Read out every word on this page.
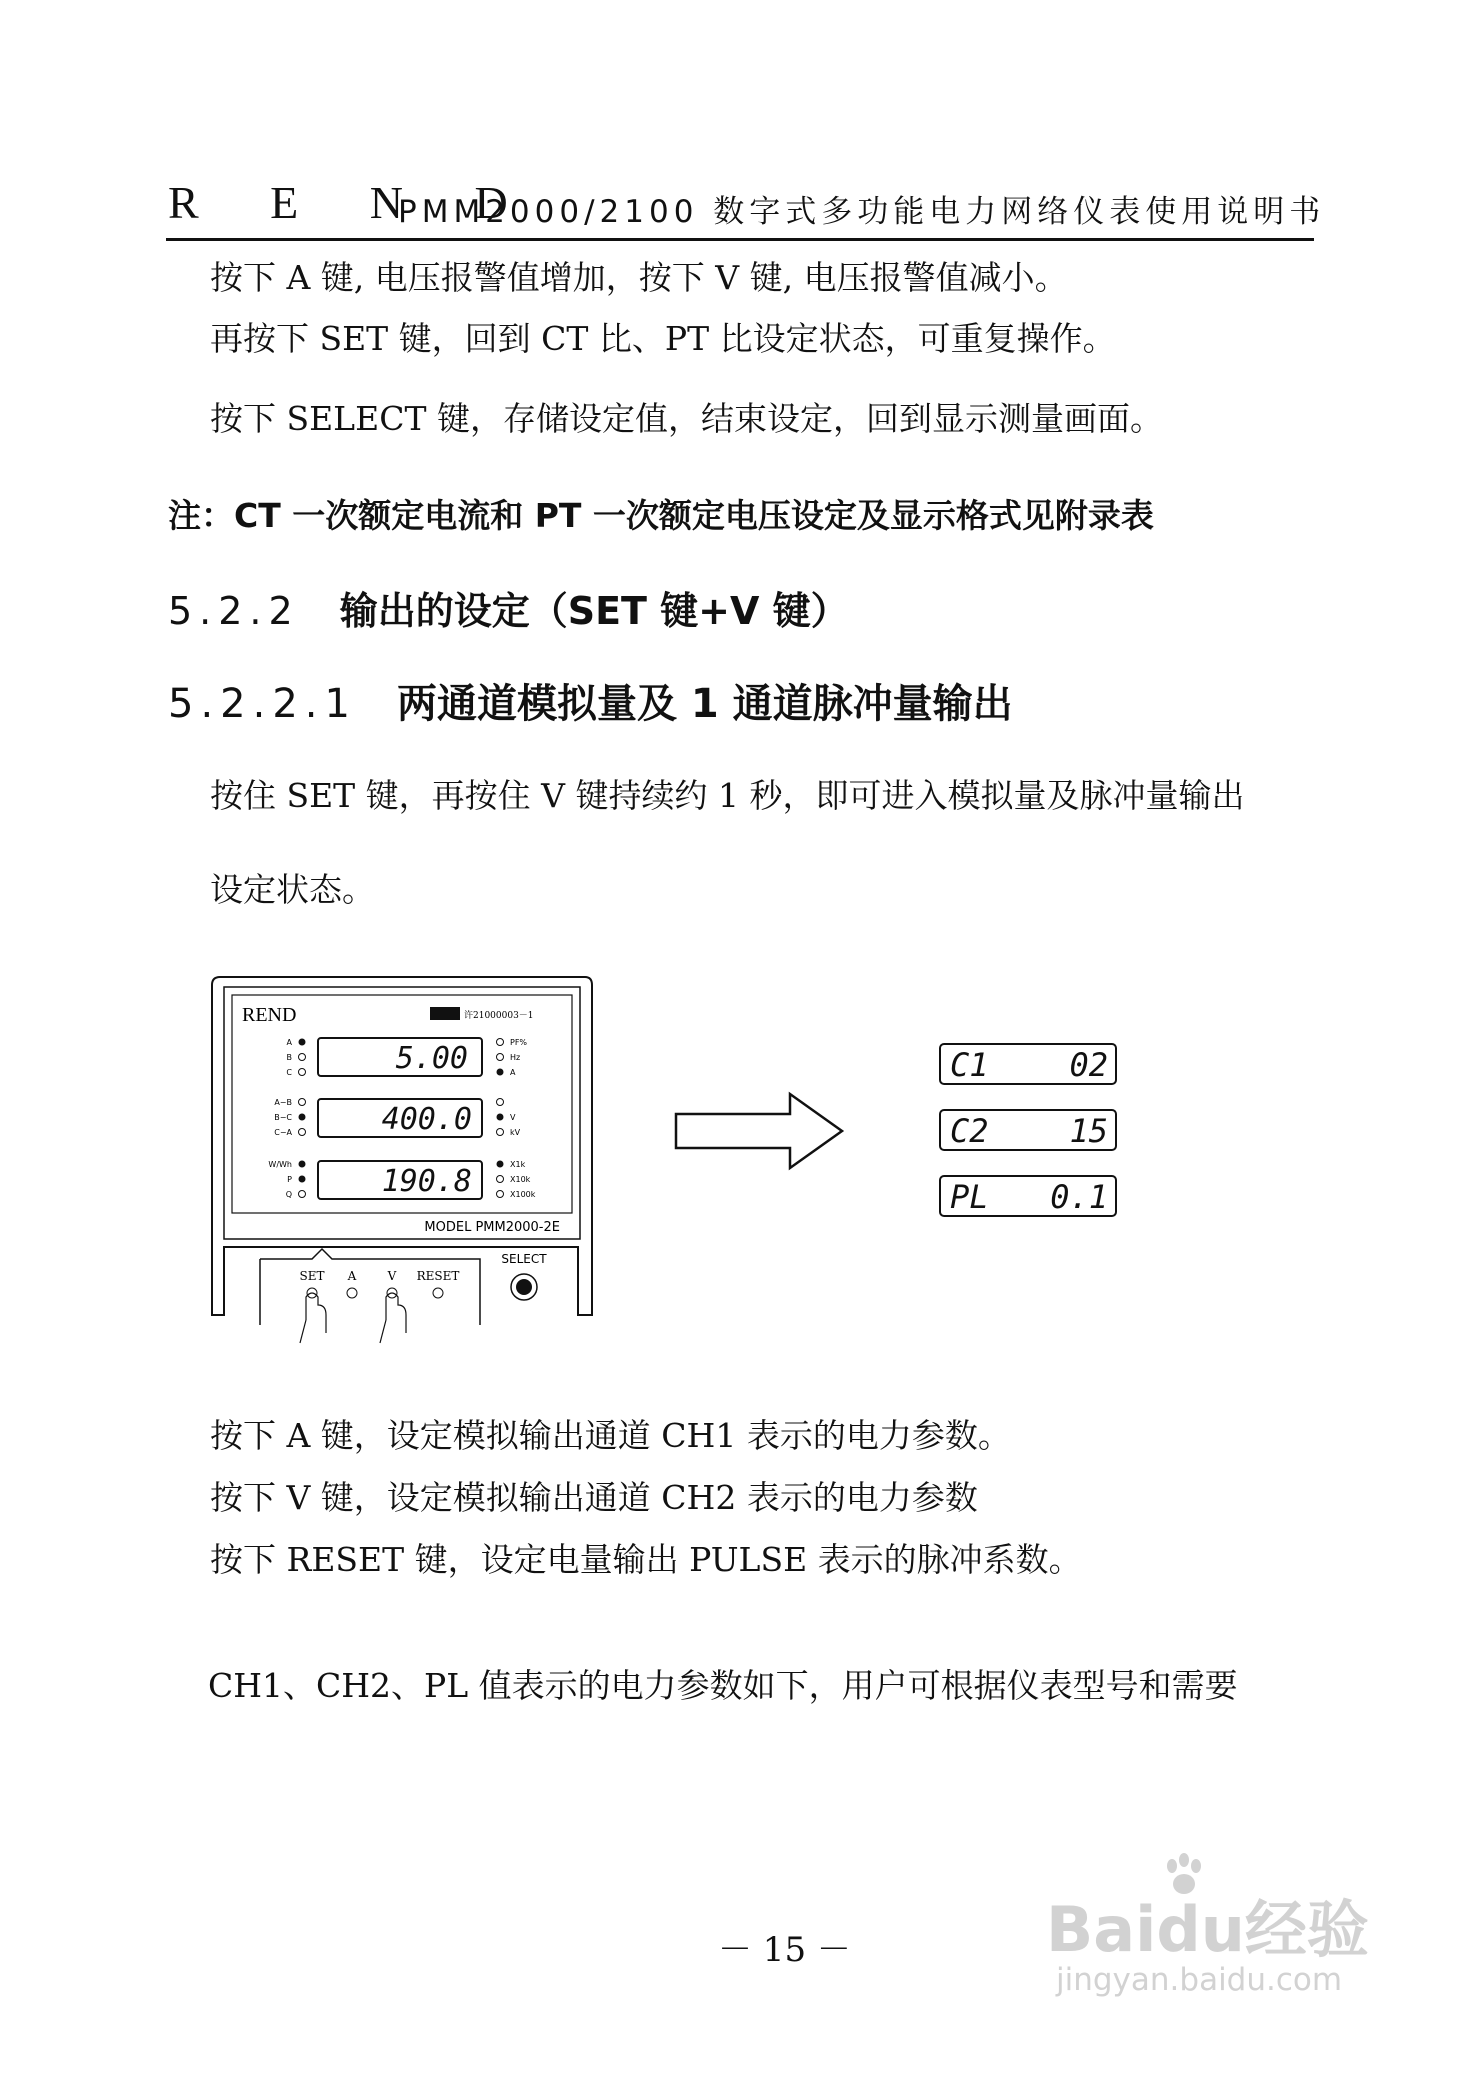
R E N D
PMM2000/2100 数字式多功能电力网络仪表使用说明书
按下 A 键, 电压报警值增加，按下 V 键, 电压报警值减小。
再按下 SET 键，回到 CT 比、PT 比设定状态，可重复操作。
按下 SELECT 键，存储设定值，结束设定，回到显示测量画面。
注：CT 一次额定电流和 PT 一次额定电压设定及显示格式见附录表
5.2.2 输出的设定（SET 键+V 键）
5.2.2.1 两通道模拟量及 1 通道脉冲量输出
按住 SET 键，再按住 V 键持续约 1 秒，即可进入模拟量及脉冲量输出
设定状态。
REND	许21000003－1
A
B
C	5.00	PF%
Hz
A
A−B
B−C
C−A	400.0	V
kV
W/Wh
P
Q	190.8	X1k
X10k
X100k
MODEL PMM2000-2E
SET A	V RESET
SELECT
C1	02
C2	15
PL 0.1
按下 A 键，设定模拟输出通道 CH1 表示的电力参数。
按下 V 键，设定模拟输出通道 CH2 表示的电力参数
按下 RESET 键，设定电量输出 PULSE 表示的脉冲系数。
CH1、CH2、PL 值表示的电力参数如下，用户可根据仪表型号和需要
－ 15 －	Baidu经验
jingyan.baidu.com
